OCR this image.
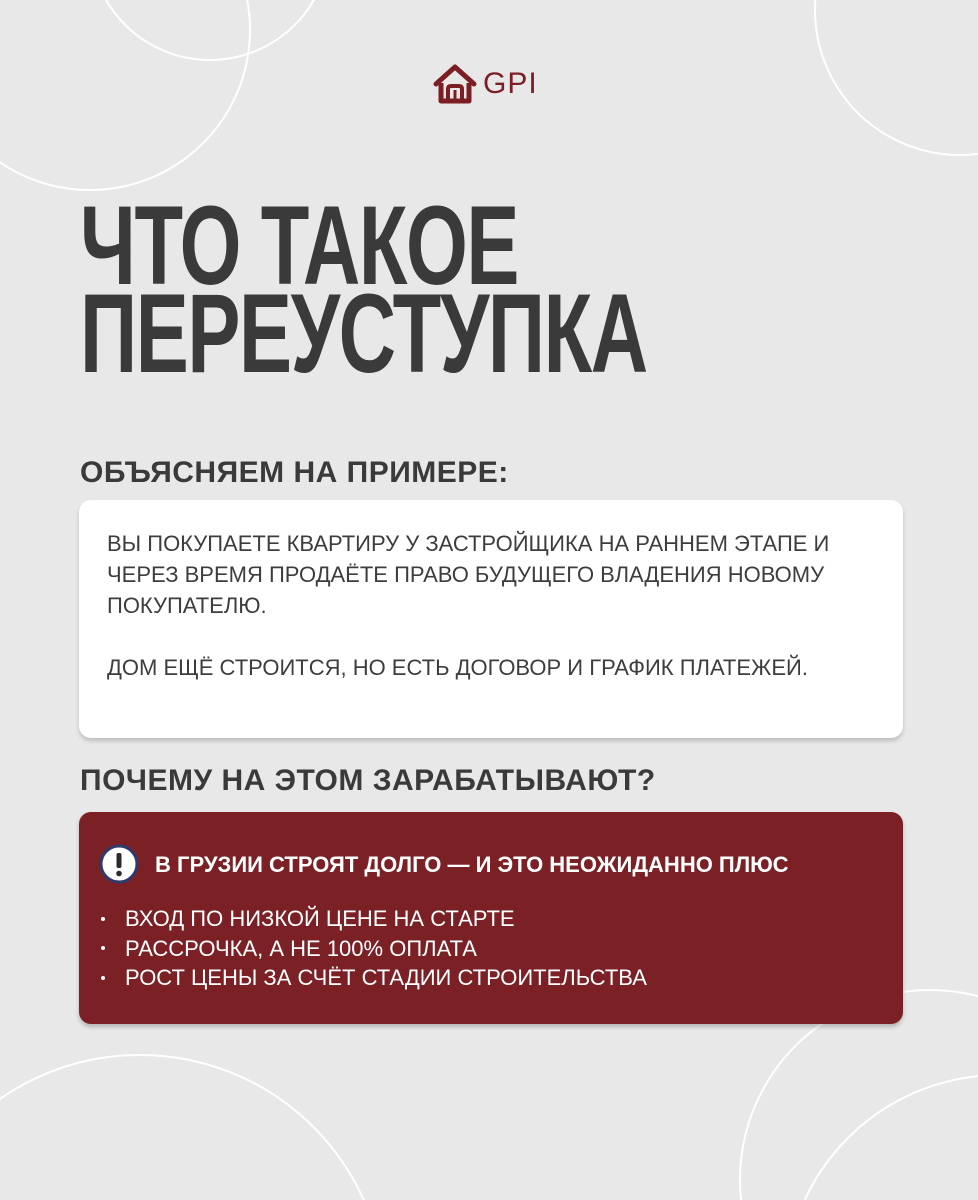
GPI
ЧТО ТАКОЕ
ПЕРЕУСТУПКА
ОБЪЯСНЯЕМ НА ПРИМЕРЕ:

ВЫ ПОКУПАЕТЕ КВАРТИРУ У ЗАСТРОЙЩИКА НА РАННЕМ ЭТАПЕ И ЧЕРЕЗ ВРЕМЯ ПРОДАЁТЕ ПРАВО БУДУЩЕГО ВЛАДЕНИЯ НОВОМУ ПОКУПАТЕЛЮ.

ДОМ ЕЩЁ СТРОИТСЯ, НО ЕСТЬ ДОГОВОР И ГРАФИК ПЛАТЕЖЕЙ.

ПОЧЕМУ НА ЭТОМ ЗАРАБАТЫВАЮТ?
В ГРУЗИИ СТРОЯТ ДОЛГО — И ЭТО НЕОЖИДАННО ПЛЮС
ВХОД ПО НИЗКОЙ ЦЕНЕ НА СТАРТЕ
РАССРОЧКА, А НЕ 100% ОПЛАТА
РОСТ ЦЕНЫ ЗА СЧЁТ СТАДИИ СТРОИТЕЛЬСТВА
